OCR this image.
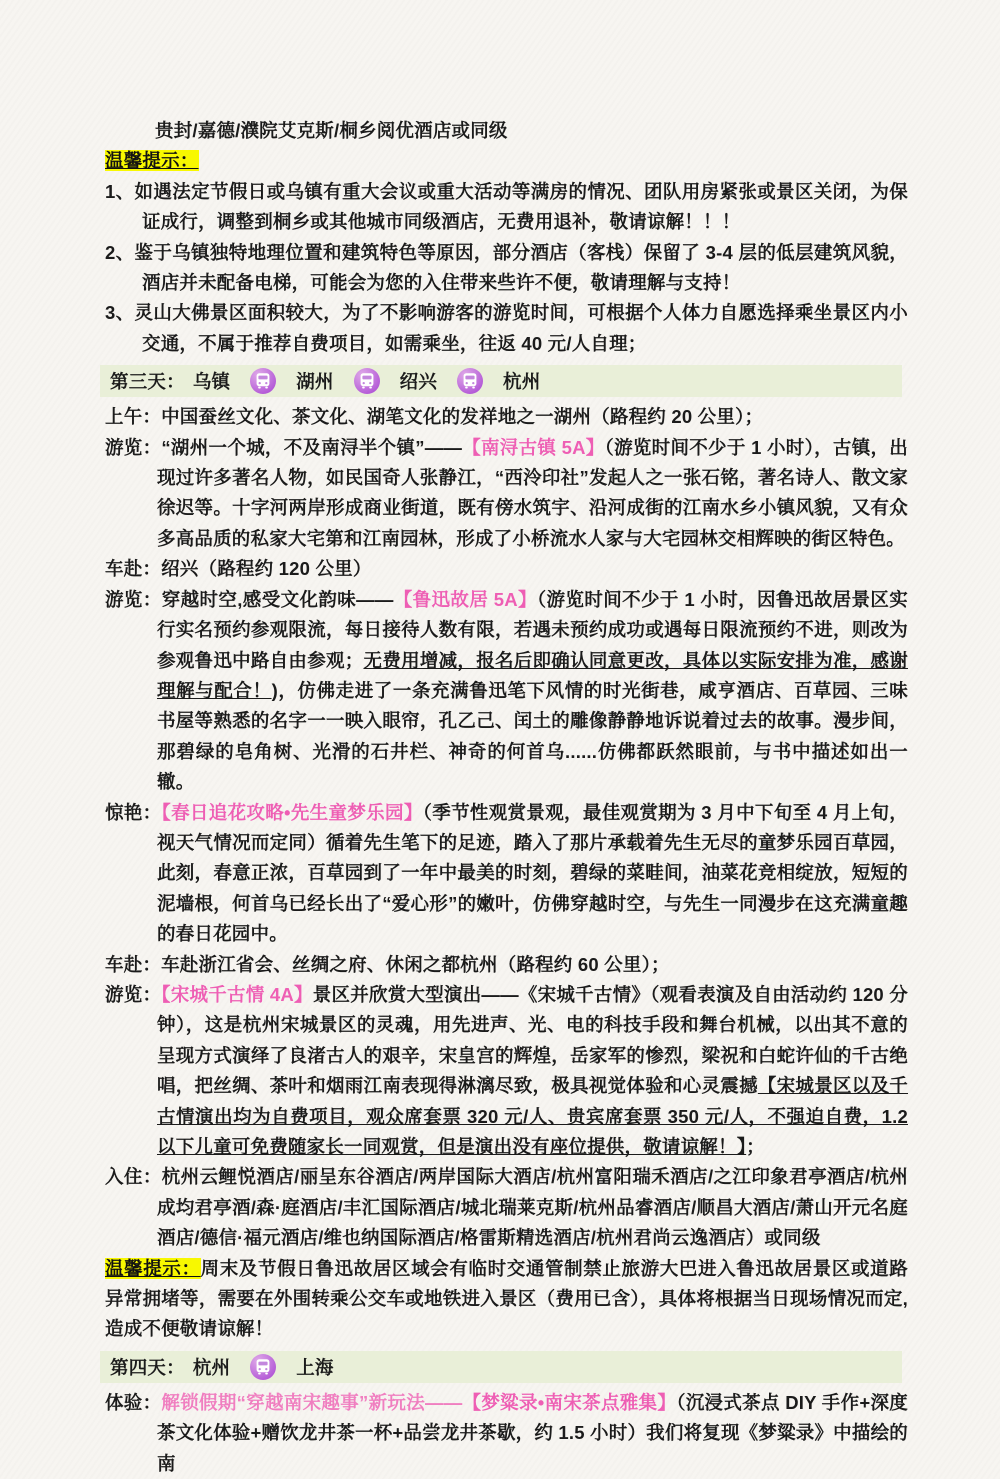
贵封/嘉德/濮院艾克斯/桐乡阅优酒店或同级
温馨提示：
1、如遇法定节假日或乌镇有重大会议或重大活动等满房的情况、团队用房紧张或景区关闭，为保证成行，调整到桐乡或其他城市同级酒店，无费用退补，敬请谅解！！！
2、鉴于乌镇独特地理位置和建筑特色等原因，部分酒店（客栈）保留了 3-4 层的低层建筑风貌，酒店并未配备电梯，可能会为您的入住带来些许不便，敬请理解与支持！
3、灵山大佛景区面积较大，为了不影响游客的游览时间，可根据个人体力自愿选择乘坐景区内小交通，不属于推荐自费项目，如需乘坐，往返 40 元/人自理；
第三天： 乌镇	湖州	绍兴	杭州
上午：中国蚕丝文化、茶文化、湖笔文化的发祥地之一湖州（路程约 20 公里）；
游览：“湖州一个城，不及南浔半个镇”——【南浔古镇 5A】（游览时间不少于 1 小时），古镇，出现过许多著名人物，如民国奇人张静江，“西泠印社”发起人之一张石铭，著名诗人、散文家徐迟等。十字河两岸形成商业街道，既有傍水筑宇、沿河成街的江南水乡小镇风貌，又有众多高品质的私家大宅第和江南园林，形成了小桥流水人家与大宅园林交相辉映的街区特色。
车赴：绍兴（路程约 120 公里）
游览：穿越时空,感受文化韵味——【鲁迅故居 5A】（游览时间不少于 1 小时，因鲁迅故居景区实行实名预约参观限流，每日接待人数有限，若遇未预约成功或遇每日限流预约不进，则改为参观鲁迅中路自由参观；无费用增减，报名后即确认同意更改，具体以实际安排为准，感谢理解与配合！)，仿佛走进了一条充满鲁迅笔下风情的时光街巷，咸亨酒店、百草园、三味书屋等熟悉的名字一一映入眼帘，孔乙己、闰土的雕像静静地诉说着过去的故事。漫步间，那碧绿的皂角树、光滑的石井栏、神奇的何首乌......仿佛都跃然眼前，与书中描述如出一辙。
惊艳：【春日追花攻略•先生童梦乐园】（季节性观赏景观，最佳观赏期为 3 月中下旬至 4 月上旬，视天气情况而定同）循着先生笔下的足迹，踏入了那片承载着先生无尽的童梦乐园百草园，此刻，春意正浓，百草园到了一年中最美的时刻，碧绿的菜畦间，油菜花竞相绽放，短短的泥墙根，何首乌已经长出了“爱心形”的嫩叶，仿佛穿越时空，与先生一同漫步在这充满童趣的春日花园中。
车赴：车赴浙江省会、丝绸之府、休闲之都杭州（路程约 60 公里）；
游览：【宋城千古情 4A】景区并欣赏大型演出——《宋城千古情》（观看表演及自由活动约 120 分钟），这是杭州宋城景区的灵魂，用先进声、光、电的科技手段和舞台机械，以出其不意的呈现方式演绎了良渚古人的艰辛，宋皇宫的辉煌，岳家军的惨烈，梁祝和白蛇许仙的千古绝唱，把丝绸、茶叶和烟雨江南表现得淋漓尽致，极具视觉体验和心灵震撼【宋城景区以及千古情演出均为自费项目，观众席套票 320 元/人、贵宾席套票 350 元/人，不强迫自费，1.2 以下儿童可免费随家长一同观赏，但是演出没有座位提供，敬请谅解！】；
入住：杭州云鲤悦酒店/丽呈东谷酒店/两岸国际大酒店/杭州富阳瑞禾酒店/之江印象君亭酒店/杭州成均君亭酒/森·庭酒店/丰汇国际酒店/城北瑞莱克斯/杭州品睿酒店/顺昌大酒店/萧山开元名庭酒店/德信·福元酒店/维也纳国际酒店/格雷斯精选酒店/杭州君尚云逸酒店）或同级
温馨提示：周末及节假日鲁迅故居区域会有临时交通管制禁止旅游大巴进入鲁迅故居景区或道路异常拥堵等，需要在外围转乘公交车或地铁进入景区（费用已含），具体将根据当日现场情况而定,造成不便敬请谅解！
第四天： 杭州	上海
体验：解锁假期“穿越南宋趣事”新玩法——【梦粱录•南宋茶点雅集】（沉浸式茶点 DIY 手作+深度茶文化体验+赠饮龙井茶一杯+品尝龙井茶歇，约 1.5 小时）我们将复现《梦粱录》中描绘的南
